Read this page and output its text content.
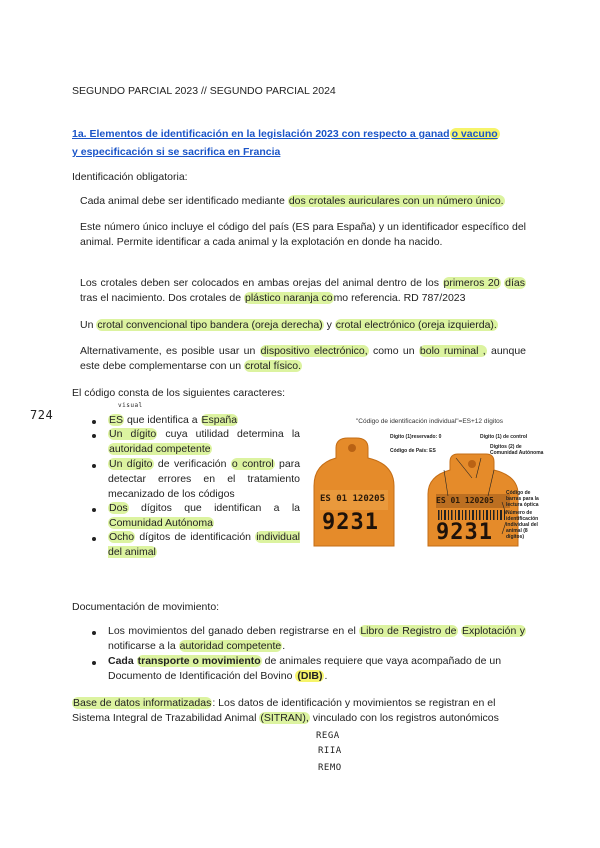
SEGUNDO PARCIAL 2023 // SEGUNDO PARCIAL 2024
1a. Elementos de identificación en la legislación 2023 con respecto a ganad o vacuno
y especificación si se sacrifica en Francia
Identificación obligatoria:
Cada animal debe ser identificado mediante dos crotales auriculares con un número único.
Este número único incluye el código del país (ES para España) y un identificador específico del animal. Permite identificar a cada animal y la explotación en donde ha nacido.
Los crotales deben ser colocados en ambas orejas del animal dentro de los primeros 20 días tras el nacimiento. Dos crotales de plástico naranja como referencia. RD 787/2023
Un crotal convencional tipo bandera (oreja derecha) y crotal electrónico (oreja izquierda).
Alternativamente, es posible usar un dispositivo electrónico, como un bolo ruminal , aunque este debe complementarse con un crotal físico.
El código consta de los siguientes caracteres:
724
visual
ES que identifica a España
Un dígito cuya utilidad determina la autoridad competente
Un dígito de verificación o control para detectar errores en el tratamiento mecanizado de los códigos
Dos dígitos que identifican a la Comunidad Autónoma
Ocho dígitos de identificación individual del animal
"Código de identificación individual"=ES+12 dígitos
ES 01 120205
9231
ES 01 120205
9231
Dígito (1)reservado: 0	Dígito (1) de control
Código de País: ES
Dígitos (2) de Comunidad Autónoma
Código de barras para la lectura óptica
Número de identificación individual del animal (8 dígitos)
Documentación de movimiento:
Los movimientos del ganado deben registrarse en el Libro de Registro de Explotación y notificarse a la autoridad competente.
Cada transporte o movimiento de animales requiere que vaya acompañado de un Documento de Identificación del Bovino (DIB) .
Base de datos informatizadas: Los datos de identificación y movimientos se registran en el Sistema Integral de Trazabilidad Animal (SITRAN), vinculado con los registros autonómicos
REGA
RIIA
REMO
